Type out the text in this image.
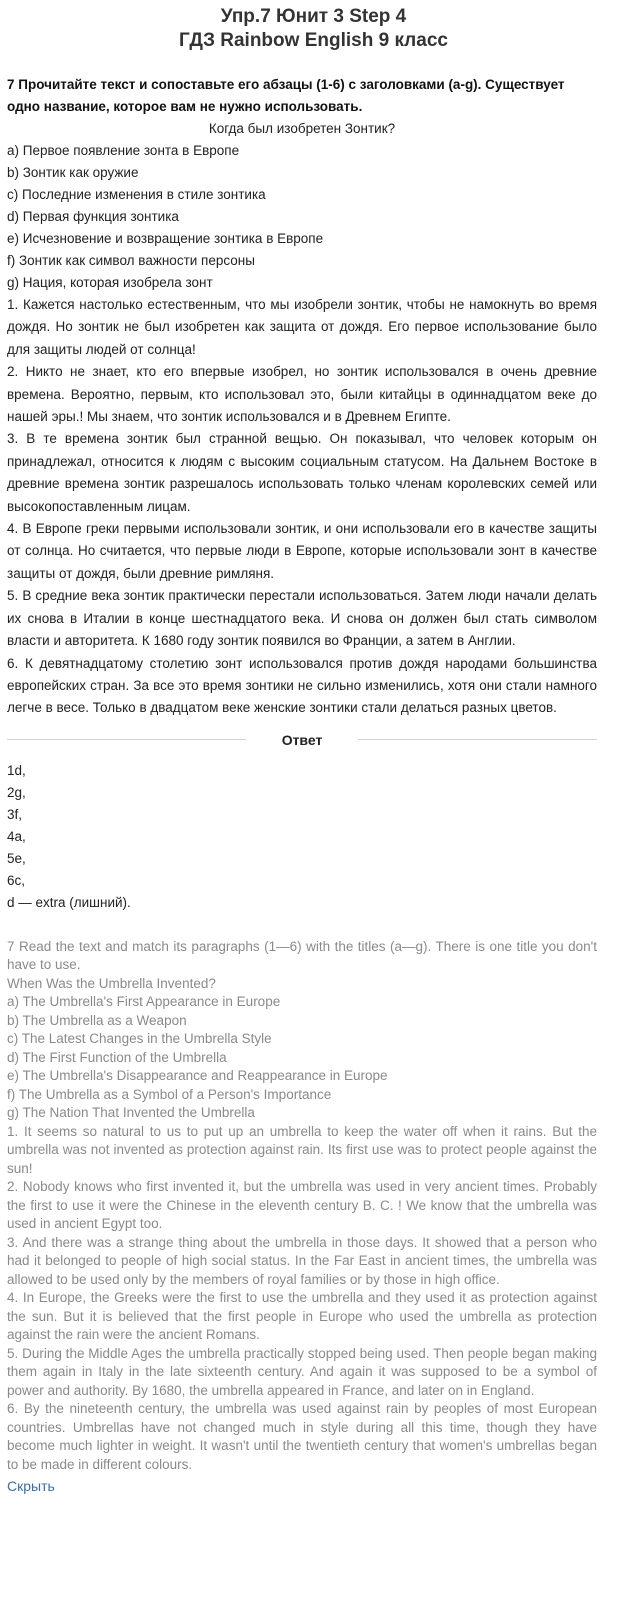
Упр.7 Юнит 3 Step 4
ГДЗ Rainbow English 9 класс
7 Прочитайте текст и сопоставьте его абзацы (1-6) с заголовками (a-g). Существует одно название, которое вам не нужно использовать.
Когда был изобретен Зонтик?
a) Первое появление зонта в Европе
b) Зонтик как оружие
c) Последние изменения в стиле зонтика
d) Первая функция зонтика
e) Исчезновение и возвращение зонтика в Европе
f) Зонтик как символ важности персоны
g) Нация, которая изобрела зонт
1. Кажется настолько естественным, что мы изобрели зонтик, чтобы не намокнуть во время дождя. Но зонтик не был изобретен как защита от дождя. Его первое использование было для защиты людей от солнца!
2. Никто не знает, кто его впервые изобрел, но зонтик использовался в очень древние времена. Вероятно, первым, кто использовал это, были китайцы в одиннадцатом веке до нашей эры.! Мы знаем, что зонтик использовался и в Древнем Египте.
3. В те времена зонтик был странной вещью. Он показывал, что человек которым он принадлежал, относится к людям с высоким социальным статусом. На Дальнем Востоке в древние времена зонтик разрешалось использовать только членам королевских семей или высокопоставленным лицам.
4. В Европе греки первыми использовали зонтик, и они использовали его в качестве защиты от солнца. Но считается, что первые люди в Европе, которые использовали зонт в качестве защиты от дождя, были древние римляня.
5. В средние века зонтик практически перестали использоваться. Затем люди начали делать их снова в Италии в конце шестнадцатого века. И снова он должен был стать символом власти и авторитета. К 1680 году зонтик появился во Франции, а затем в Англии.
6. К девятнадцатому столетию зонт использовался против дождя народами большинства европейских стран. За все это время зонтики не сильно изменились, хотя они стали намного легче в весе. Только в двадцатом веке женские зонтики стали делаться разных цветов.
Ответ
1d,
2g,
3f,
4a,
5e,
6c,
d — extra (лишний).
7 Read the text and match its paragraphs (1—6) with the titles (a—g). There is one title you don't have to use.
When Was the Umbrella Invented?
a) The Umbrella's First Appearance in Europe
b) The Umbrella as a Weapon
c) The Latest Changes in the Umbrella Style
d) The First Function of the Umbrella
e) The Umbrella's Disappearance and Reappearance in Europe
f) The Umbrella as a Symbol of a Person's Importance
g) The Nation That Invented the Umbrella
1. It seems so natural to us to put up an umbrella to keep the water off when it rains. But the umbrella was not invented as protection against rain. Its first use was to protect people against the sun!
2. Nobody knows who first invented it, but the umbrella was used in very ancient times. Probably the first to use it were the Chinese in the eleventh century B. C. ! We know that the umbrella was used in ancient Egypt too.
3. And there was a strange thing about the umbrella in those days. It showed that a person who had it belonged to people of high social status. In the Far East in ancient times, the umbrella was allowed to be used only by the members of royal families or by those in high office.
4. In Europe, the Greeks were the first to use the umbrella and they used it as protection against the sun. But it is believed that the first people in Europe who used the umbrella as protection against the rain were the ancient Romans.
5. During the Middle Ages the umbrella practically stopped being used. Then people began making them again in Italy in the late sixteenth century. And again it was supposed to be a symbol of power and authority. By 1680, the umbrella appeared in France, and later on in England.
6. By the nineteenth century, the umbrella was used against rain by peoples of most European countries. Umbrellas have not changed much in style during all this time, though they have become much lighter in weight. It wasn't until the twentieth century that women's umbrellas began to be made in different colours.
Скрыть
